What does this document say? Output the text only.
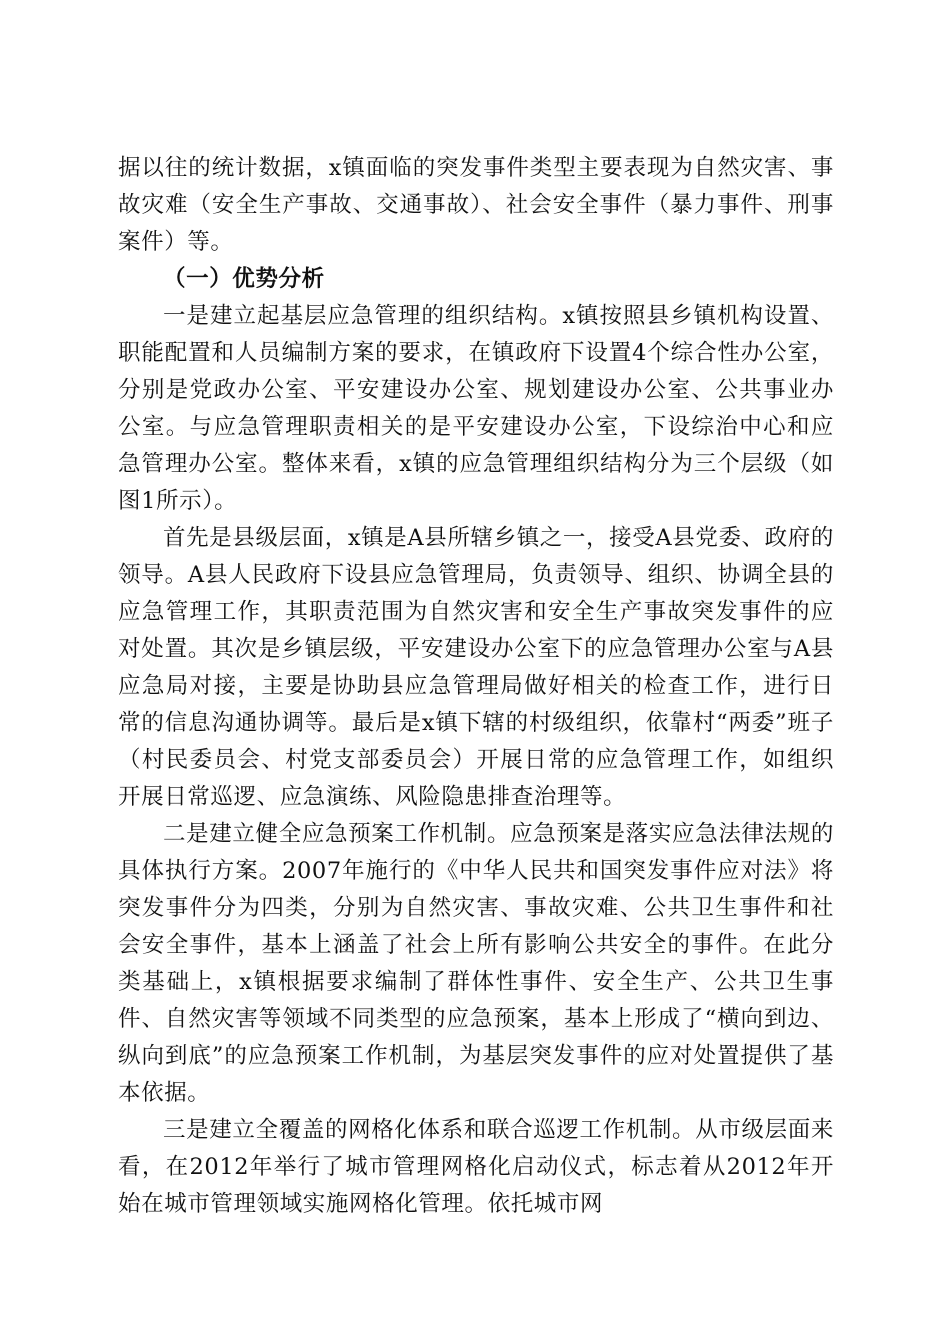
据以往的统计数据，x镇面临的突发事件类型主要表现为自然灾害、事故灾难（安全生产事故、交通事故）、社会安全事件（暴力事件、刑事案件）等。

（一）优势分析

一是建立起基层应急管理的组织结构。x镇按照县乡镇机构设置、职能配置和人员编制方案的要求，在镇政府下设置4个综合性办公室，分别是党政办公室、平安建设办公室、规划建设办公室、公共事业办公室。与应急管理职责相关的是平安建设办公室，下设综治中心和应急管理办公室。整体来看，x镇的应急管理组织结构分为三个层级（如图1所示）。

首先是县级层面，x镇是A县所辖乡镇之一，接受A县党委、政府的领导。A县人民政府下设县应急管理局，负责领导、组织、协调全县的应急管理工作，其职责范围为自然灾害和安全生产事故突发事件的应对处置。其次是乡镇层级，平安建设办公室下的应急管理办公室与A县应急局对接，主要是协助县应急管理局做好相关的检查工作，进行日常的信息沟通协调等。最后是x镇下辖的村级组织，依靠村“两委”班子（村民委员会、村党支部委员会）开展日常的应急管理工作，如组织开展日常巡逻、应急演练、风险隐患排查治理等。

二是建立健全应急预案工作机制。应急预案是落实应急法律法规的具体执行方案。2007年施行的《中华人民共和国突发事件应对法》将突发事件分为四类，分别为自然灾害、事故灾难、公共卫生事件和社会安全事件，基本上涵盖了社会上所有影响公共安全的事件。在此分类基础上，x镇根据要求编制了群体性事件、安全生产、公共卫生事件、自然灾害等领域不同类型的应急预案，基本上形成了“横向到边、纵向到底”的应急预案工作机制，为基层突发事件的应对处置提供了基本依据。

三是建立全覆盖的网格化体系和联合巡逻工作机制。从市级层面来看，在2012年举行了城市管理网格化启动仪式，标志着从2012年开始在城市管理领域实施网格化管理。依托城市网
